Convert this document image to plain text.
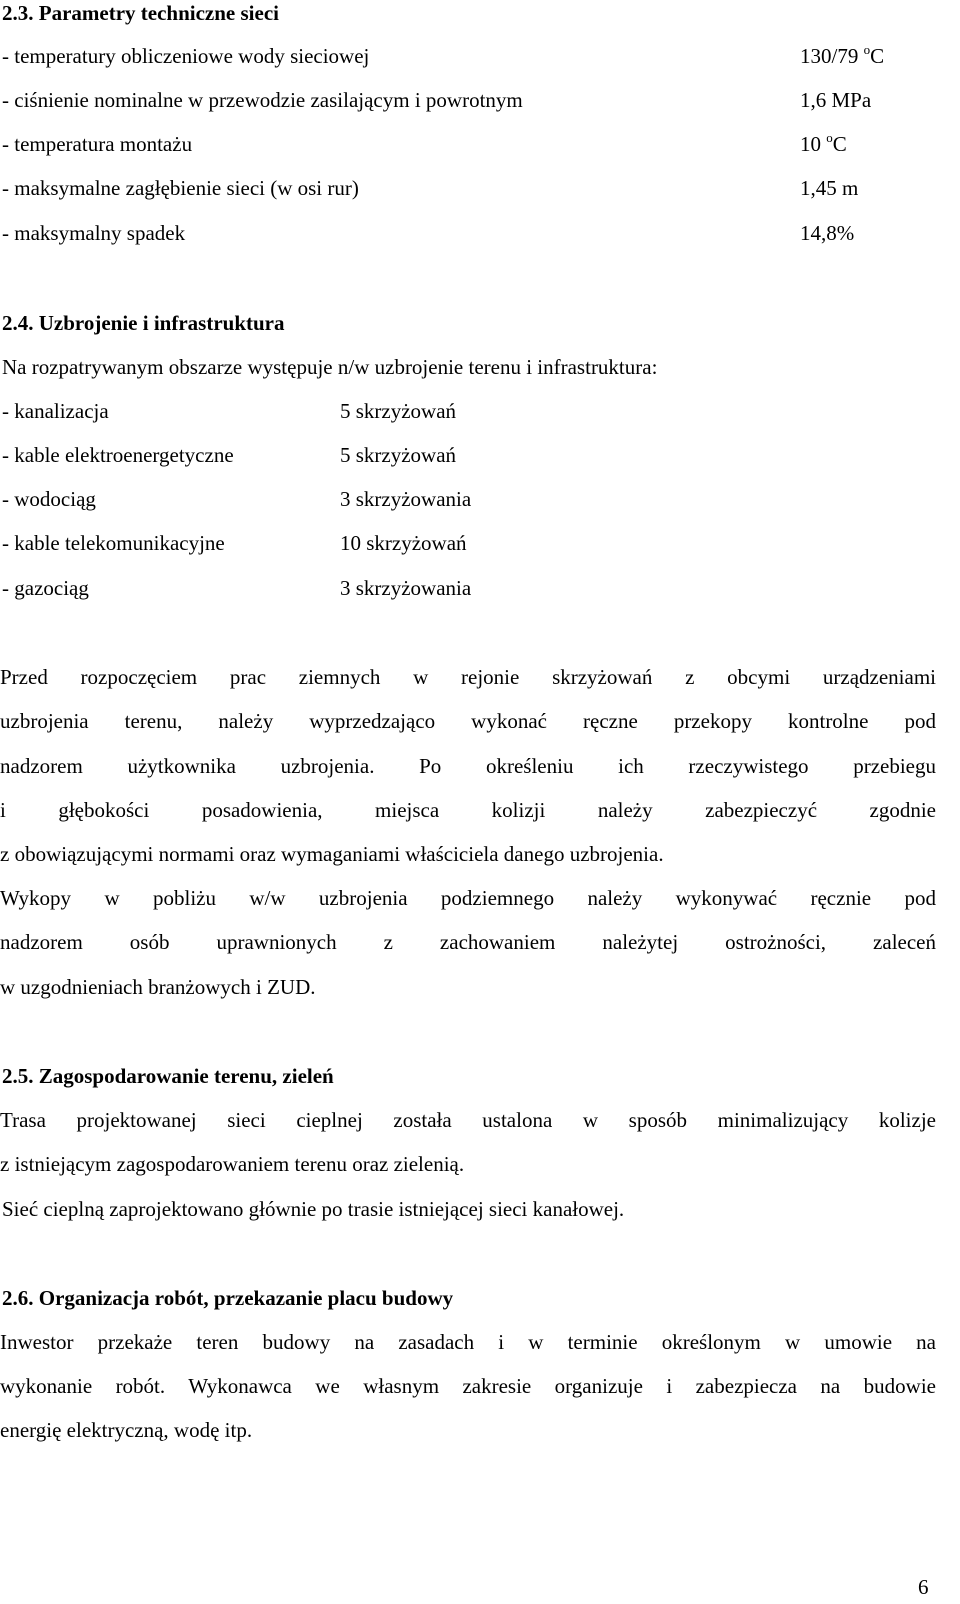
2.3. Parametry techniczne sieci
- temperatury obliczeniowe wody sieciowej	130/79 $^o$C
- ciśnienie nominalne w przewodzie zasilającym i powrotnym	1,6 MPa
- temperatura montażu	10 $^o$C
- maksymalne zagłębienie sieci (w osi rur)	1,45 m
- maksymalny spadek	14,8%
2.4. Uzbrojenie i infrastruktura
Na rozpatrywanym obszarze występuje n/w uzbrojenie terenu i infrastruktura:
- kanalizacja	5 skrzyżowań
- kable elektroenergetyczne	5 skrzyżowań
- wodociąg	3 skrzyżowania
- kable telekomunikacyjne	10 skrzyżowań
- gazociąg	3 skrzyżowania
Przed rozpoczęciem prac ziemnych w rejonie skrzyżowań z obcymi urządzeniami
uzbrojenia terenu, należy wyprzedzająco wykonać ręczne przekopy kontrolne pod
nadzorem użytkownika uzbrojenia. Po określeniu ich rzeczywistego przebiegu
i głębokości posadowienia, miejsca kolizji należy zabezpieczyć zgodnie
z obowiązującymi normami oraz wymaganiami właściciela danego uzbrojenia.
Wykopy w pobliżu w/w uzbrojenia podziemnego należy wykonywać ręcznie pod
nadzorem osób uprawnionych z zachowaniem należytej ostrożności, zaleceń
w uzgodnieniach branżowych i ZUD.
2.5. Zagospodarowanie terenu, zieleń
Trasa projektowanej sieci cieplnej została ustalona w sposób minimalizujący kolizje
z istniejącym zagospodarowaniem terenu oraz zielenią.
Sieć cieplną zaprojektowano głównie po trasie istniejącej sieci kanałowej.
2.6. Organizacja robót, przekazanie placu budowy
Inwestor przekaże teren budowy na zasadach i w terminie określonym w umowie na
wykonanie robót. Wykonawca we własnym zakresie organizuje i zabezpiecza na budowie
energię elektryczną, wodę itp.
6
